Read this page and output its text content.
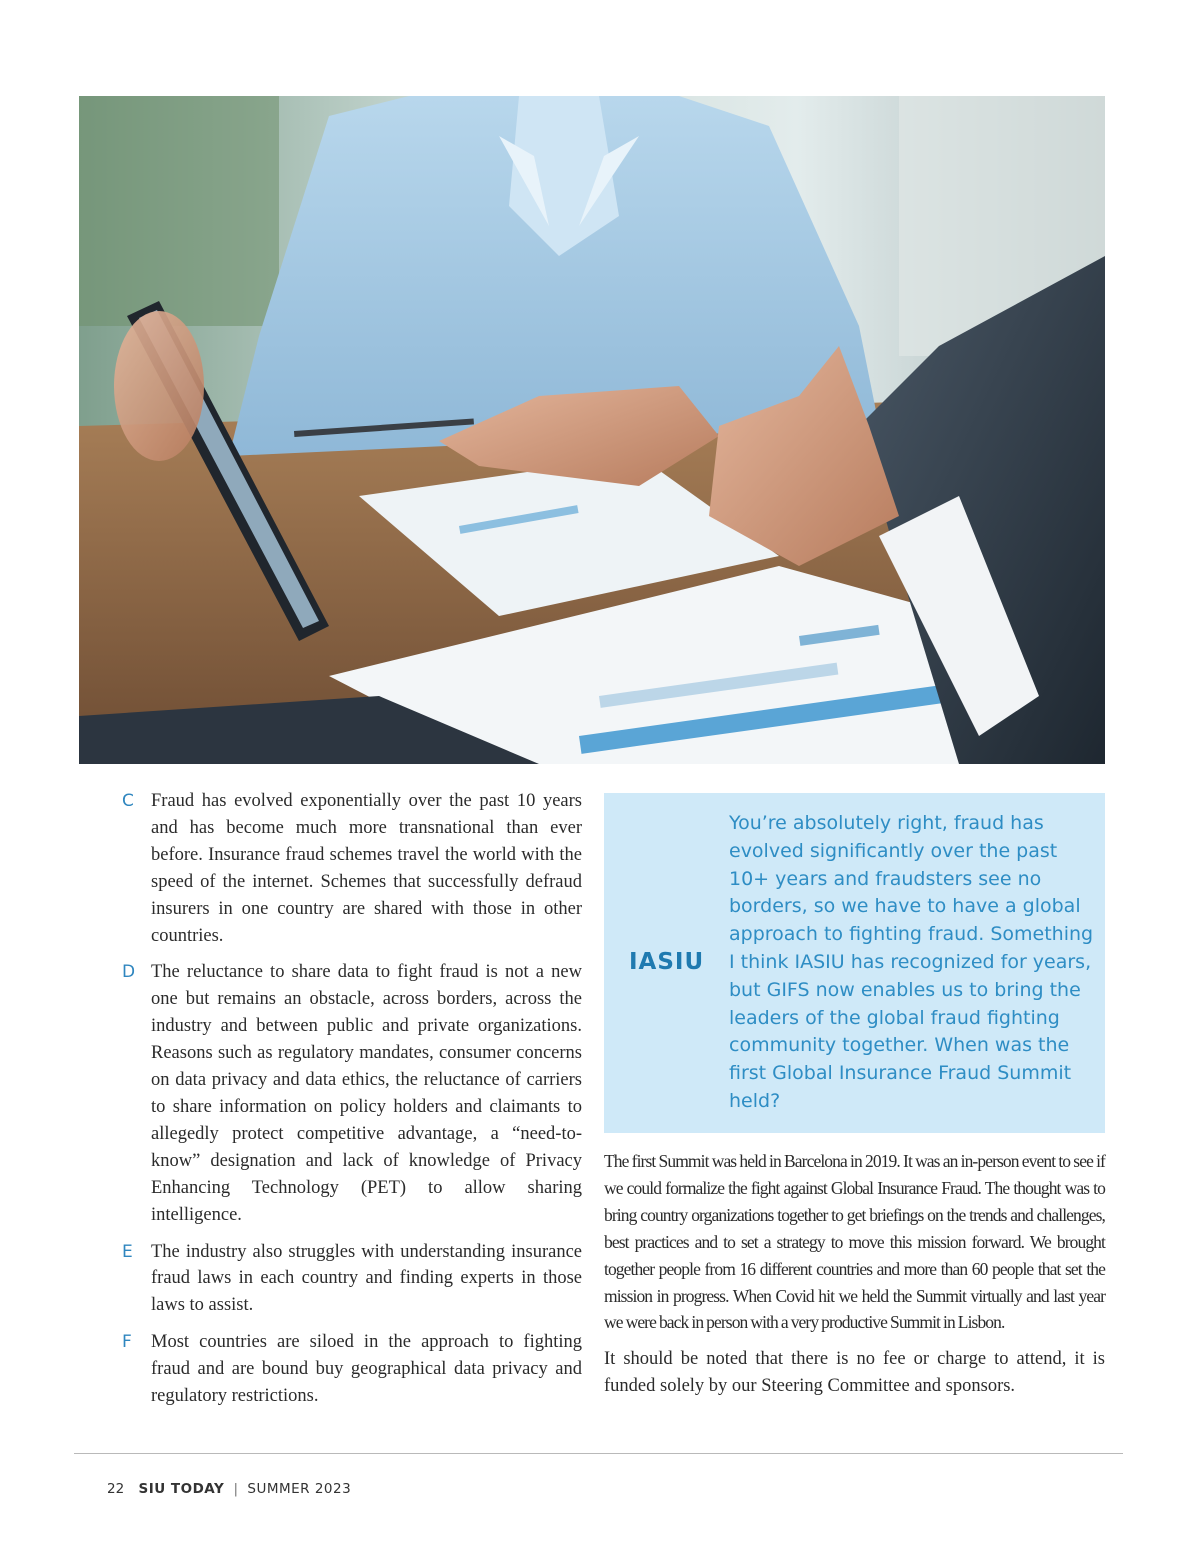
C Fraud has evolved exponentially over the past 10 years and has become much more transnational than ever before. Insurance fraud schemes travel the world with the speed of the internet. Schemes that successfully defraud insurers in one country are shared with those in other countries.
D The reluctance to share data to fight fraud is not a new one but remains an obstacle, across borders, across the industry and between public and private organizations. Reasons such as regulatory mandates, consumer concerns on data privacy and data ethics, the reluctance of carriers to share information on policy holders and claimants to allegedly protect competitive advantage, a “need-to-know” designation and lack of knowledge of Privacy Enhancing Technology (PET) to allow sharing intelligence.
E The industry also struggles with understanding insurance fraud laws in each country and finding experts in those laws to assist.
F Most countries are siloed in the approach to fighting fraud and are bound buy geographical data privacy and regulatory restrictions.
IASIU
You’re absolutely right, fraud has evolved significantly over the past 10+ years and fraudsters see no borders, so we have to have a global approach to fighting fraud. Something I think IASIU has recognized for years, but GIFS now enables us to bring the leaders of the global fraud fighting community together. When was the first Global Insurance Fraud Summit held?

The first Summit was held in Barcelona in 2019. It was an in-person event to see if we could formalize the fight against Global Insurance Fraud. The thought was to bring country organizations together to get briefings on the trends and challenges, best practices and to set a strategy to move this mission forward. We brought together people from 16 different countries and more than 60 people that set the mission in progress. When Covid hit we held the Summit virtually and last year we were back in person with a very productive Summit in Lisbon.

It should be noted that there is no fee or charge to attend, it is funded solely by our Steering Committee and sponsors.

22 SIU TODAY | SUMMER 2023
